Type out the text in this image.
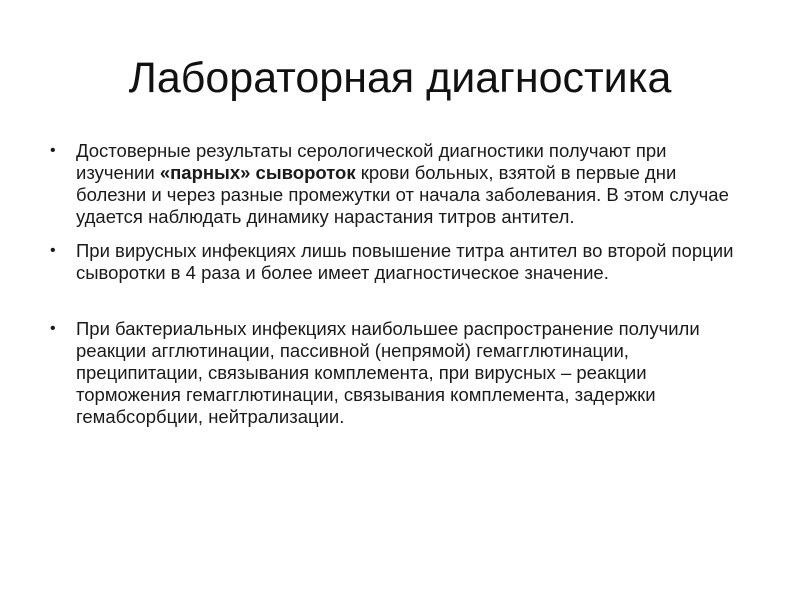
Лабораторная диагностика
•	Достоверные результаты серологической диагностики получают при изучении «парных» сывороток крови больных, взятой в первые дни болезни и через разные промежутки от начала заболевания. В этом случае удается наблюдать динамику нарастания титров антител.
•	При вирусных инфекциях лишь повышение титра антител во второй порции сыворотки в 4 раза и более имеет диагностическое значение.
•	При бактериальных инфекциях наибольшее распространение получили реакции агглютинации, пассивной (непрямой) гемагглютинации, преципитации, связывания комплемента, при вирусных – реакции торможения гемагглютинации, связывания комплемента, задержки гемабсорбции, нейтрализации.
